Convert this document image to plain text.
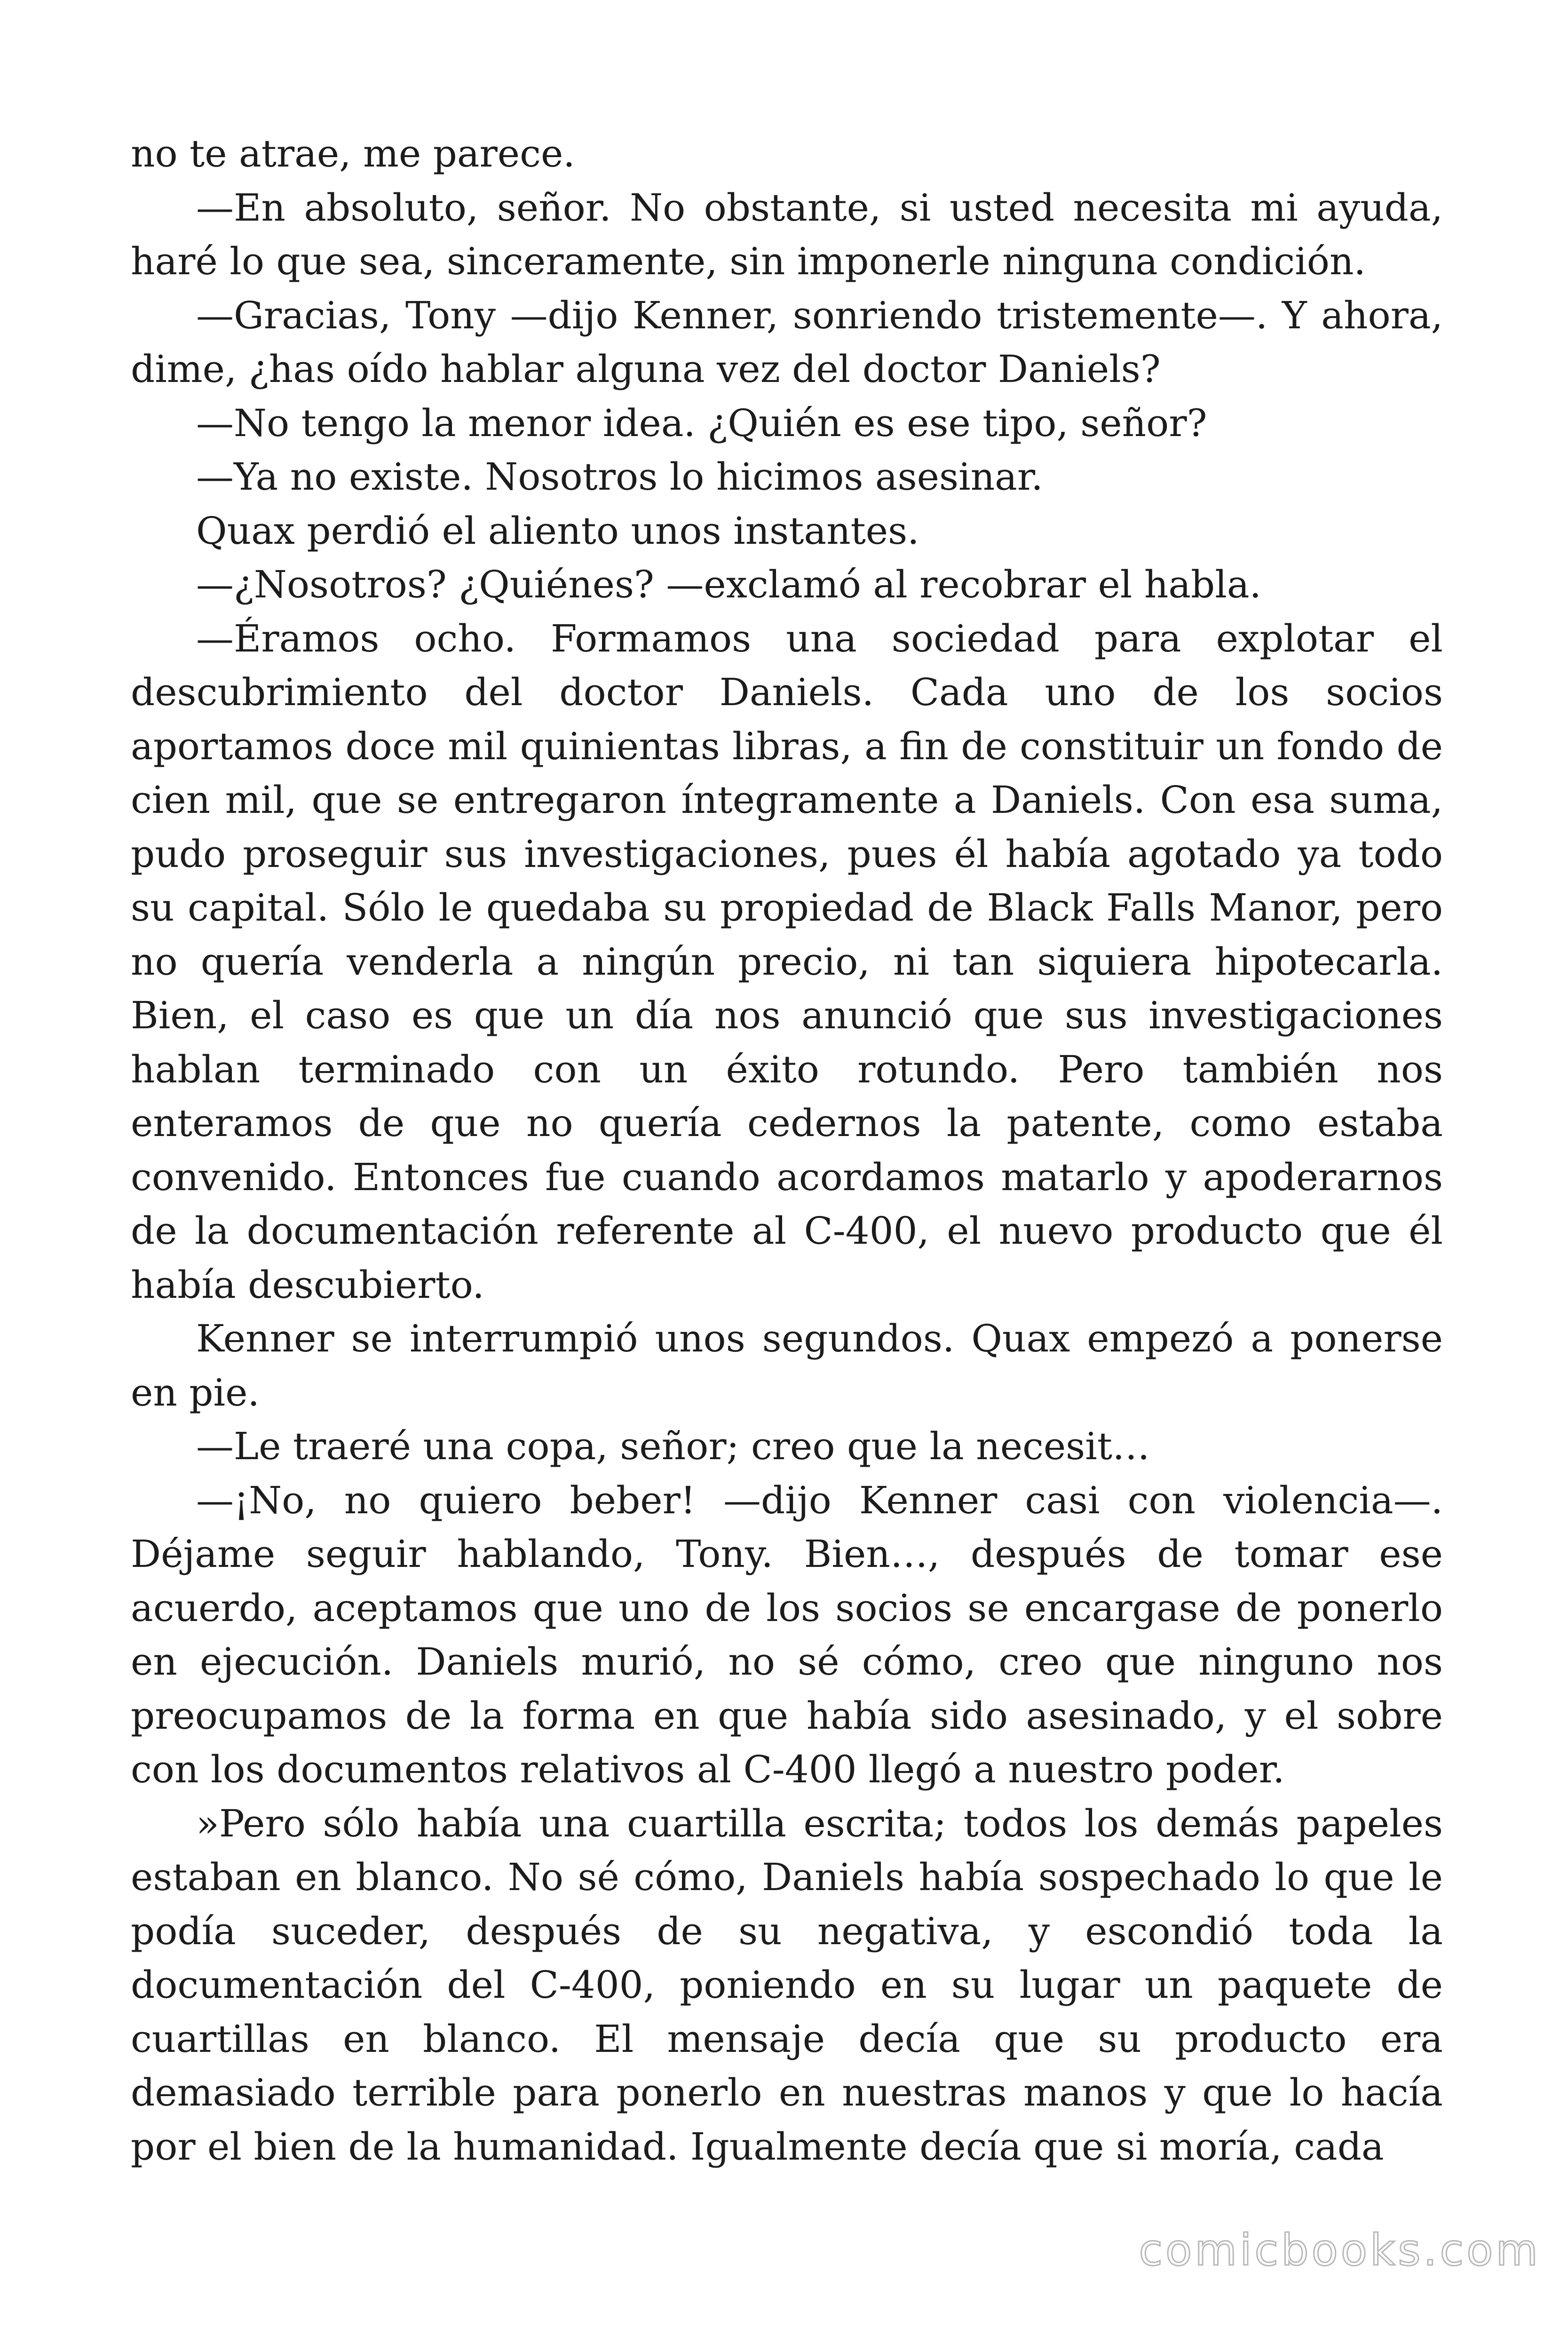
no te atrae, me parece.

—En absoluto, señor. No obstante, si usted necesita mi ayuda, haré lo que sea, sinceramente, sin imponerle ninguna condición.

—Gracias, Tony —dijo Kenner, sonriendo tristemente—. Y ahora, dime, ¿has oído hablar alguna vez del doctor Daniels?

—No tengo la menor idea. ¿Quién es ese tipo, señor?

—Ya no existe. Nosotros lo hicimos asesinar.

Quax perdió el aliento unos instantes.

—¿Nosotros? ¿Quiénes? —exclamó al recobrar el habla.

—Éramos ocho. Formamos una sociedad para explotar el descubrimiento del doctor Daniels. Cada uno de los socios aportamos doce mil quinientas libras, a fin de constituir un fondo de cien mil, que se entregaron íntegramente a Daniels. Con esa suma, pudo proseguir sus investigaciones, pues él había agotado ya todo su capital. Sólo le quedaba su propiedad de Black Falls Manor, pero no quería venderla a ningún precio, ni tan siquiera hipotecarla. Bien, el caso es que un día nos anunció que sus investigaciones hablan terminado con un éxito rotundo. Pero también nos enteramos de que no quería cedernos la patente, como estaba convenido. Entonces fue cuando acordamos matarlo y apoderarnos de la documentación referente al C-400, el nuevo producto que él había descubierto.

Kenner se interrumpió unos segundos. Quax empezó a ponerse en pie.

—Le traeré una copa, señor; creo que la necesit…

—¡No, no quiero beber! —dijo Kenner casi con violencia—. Déjame seguir hablando, Tony. Bien…, después de tomar ese acuerdo, aceptamos que uno de los socios se encargase de ponerlo en ejecución. Daniels murió, no sé cómo, creo que ninguno nos preocupamos de la forma en que había sido asesinado, y el sobre con los documentos relativos al C-400 llegó a nuestro poder.

»Pero sólo había una cuartilla escrita; todos los demás papeles estaban en blanco. No sé cómo, Daniels había sospechado lo que le podía suceder, después de su negativa, y escondió toda la documentación del C-400, poniendo en su lugar un paquete de cuartillas en blanco. El mensaje decía que su producto era demasiado terrible para ponerlo en nuestras manos y que lo hacía por el bien de la humanidad. Igualmente decía que si moría, cada

comicbooks.com
